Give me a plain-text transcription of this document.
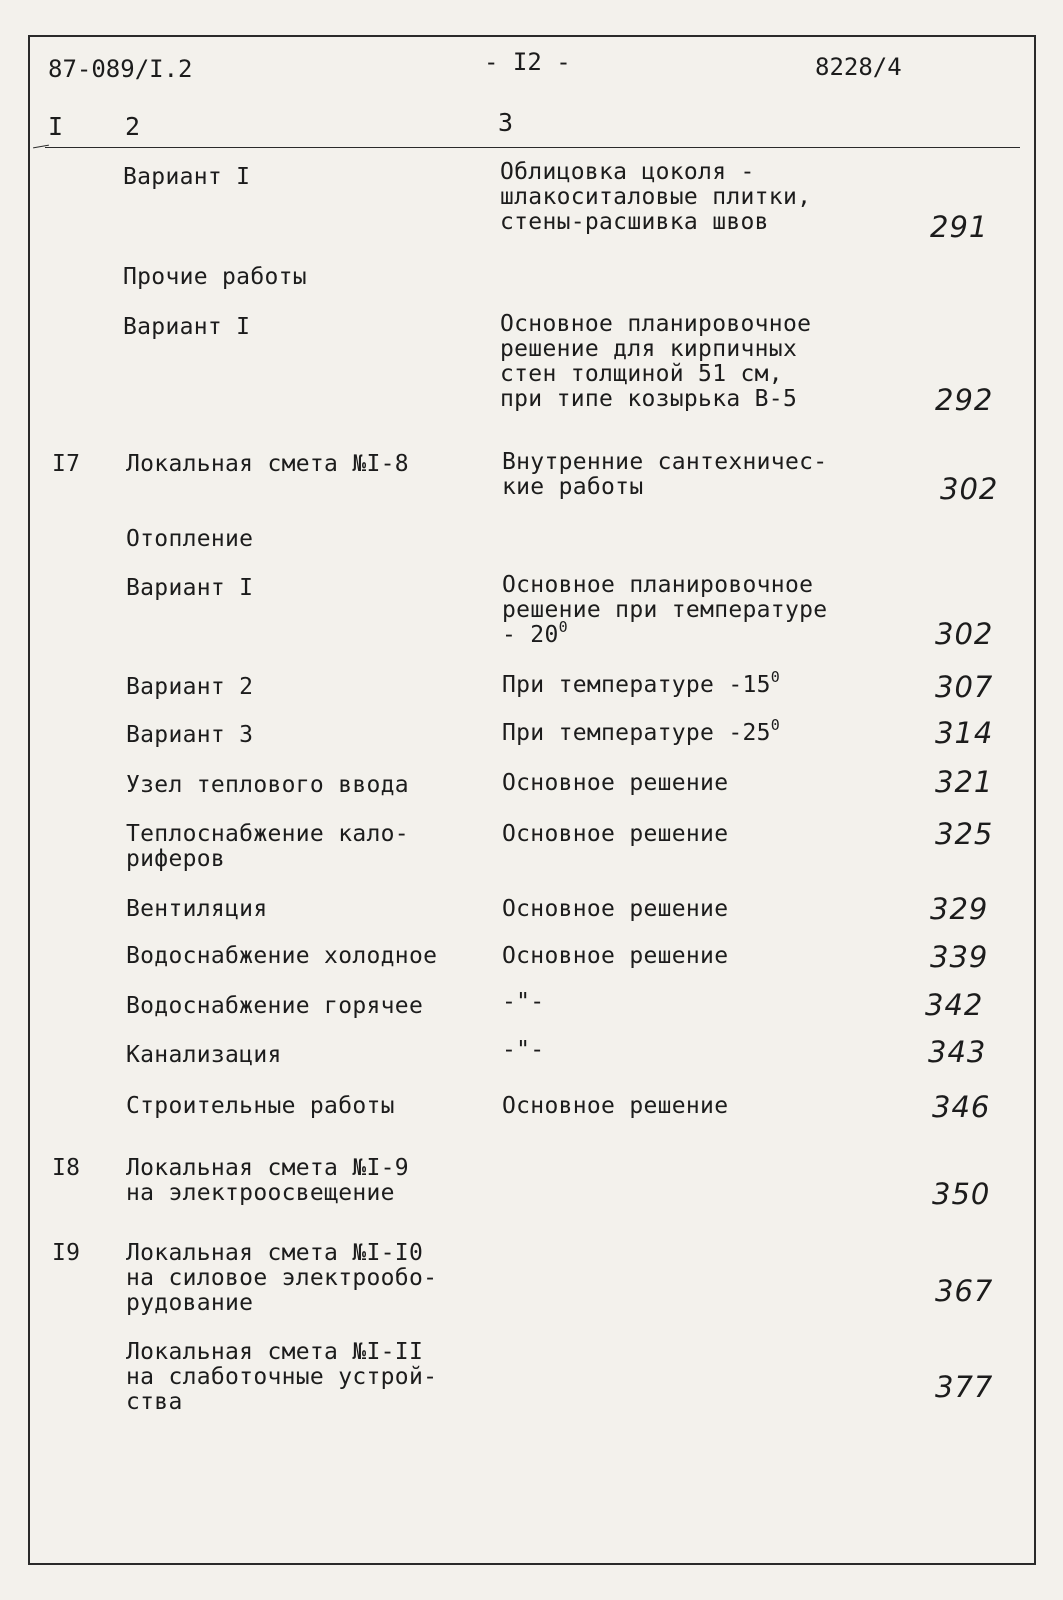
87-089/I.2	- I2 -	8228/4
I 2	3
Вариант I	Облицовка цоколя -
шлакоситаловые плитки,
стены-расшивка швов	291
Прочие работы
Вариант I	Основное планировочное
решение для кирпичных
стен толщиной 51 см,
при типе козырька В-5	292
I7 Локальная смета №I-8	Внутренние сантехничес-
кие работы	302
Отопление
Вариант I	Основное планировочное
решение при температуре
- $20^0$	302
Вариант 2	При температуре $-15^0$	307
Вариант 3	При температуре $-25^0$	314
Узел теплового ввода	Основное решение	321
Теплоснабжение кало-
риферов
Основное решение	325
Вентиляция	Основное решение	329
Водоснабжение холодное	Основное решение	339
Водоснабжение горячее	-"-	342
Канализация	-"-	343
Строительные работы	Основное решение	346
I8 Локальная смета №I-9
на электроосвещение	350
I9 Локальная смета №I-I0
на силовое электрообо-
рудование	367
Локальная смета №I-II
на слаботочные устрой-
ства	377
